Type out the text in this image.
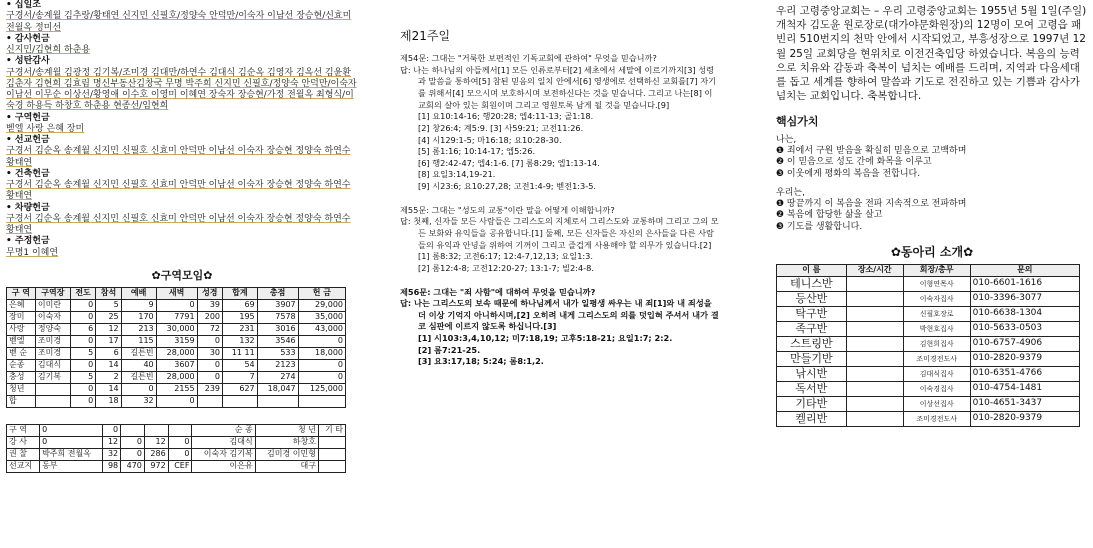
• 십일조
구경서/송계월 김추랑/황태연 신지민 신필호/정양숙 안덕만/이숙자 이남선 장승현/신효미 전월옥 정미선
• 감사헌금
신지민/김현희 하춘용
• 성탄감사
구경서/송계월 김광정 김기복/조미경 김대만/하연수 김대식 김순옥 김영자 김옥선 김윤환 김춘자 김현희 김효림 명신부동산김창국 무명 박주희 신지민 신필호/정양숙 안덕만/이숙자 이남선 이무순 이상선/황영애 이수호 이영미 이혜연 장숙자 장승현/가정 전월옥 최형식/이숙경 하용득 하창호 하춘용 현종선/임현희
• 구역헌금
벧엘 사랑 은혜 장미
• 선교헌금
구경서 김순옥 송계월 신지민 신필호 신효미 안덕만 이남선 이숙자 장승현 정양숙 하연수 황태연
• 건축헌금
구경서 김순옥 송계월 신지민 신필호 신효미 안덕만 이남선 이숙자 장승현 정양숙 하연수 황태연
• 차량헌금
구경서 김순옥 송계월 신지민 신필호 신효미 안덕만 이남선 이숙자 장승현 정양숙 하연수 황태연
• 주정헌금
무명1 이혜연
✿구역모임✿
구 역	구역장	전도	참석	예배	새벽	성경	합계	총점	헌 금
은혜	이미란	0	5	9	0	39	69	3907	29,000
장미	이숙자	0	25	170	7791	200	195	7578	35,000
사랑	정양숙	6	12	213	30,000	72	231	3016	43,000
벧엘	조미경	0	17	115	3159	0	132	3546	0
벧 순	조미경	5	6	길튼빈	28,000	30	11 11	533	18,000
순종	김대식	0	14	40	3607	0	54	2123	0
충성	김기복	5	2	길튼빈	28,000	0	7	274	0
청년		0	14	0	2155	239	627	18,047	125,000
합		0	18	32	0				
구 역	0	0				순 종	청 년	기 타
강 사	0	12	0	12	0	김대식	하창호	
권 찰	박주희 전월옥	32	0	286	0	이숙자 김기복	김미경 이민형	
선교지	동부	98	470	972	CEF	이은유	대구	
제21주일
제54문: 그대는 "거룩한 보편적인 기독교회에 관하여" 무엇을 믿습니까?
답: 나는 하나님의 아들께서[1] 모든 인류로부터[2] 세초에서 세말에 이르기까지[3] 성령과 말씀을 통하여[5] 참된 믿음의 일치 안에서[6] 영생에로 선택하신 교회를[7] 자기를 위해서[4] 모으시며 보호하시며 보전하신다는 것을 믿습니다. 그리고 나는[8] 이 교회의 살아 있는 회원이며 그리고 영원토록 남게 될 것을 믿습니다.[9]
[1] 요10:14-16; 행20:28; 엡4:11-13; 골1:18.
[2] 창26:4; 계5:9. [3] 사59:21; 고전11:26.
[4] 시129:1-5; 마16:18; 요10:28-30.
[5] 롬1:16; 10:14-17; 엡5:26.
[6] 행2:42-47; 엡4:1-6. [7] 롬8:29; 엡1:13-14.
[8] 요일3:14,19-21.
[9] 시23:6; 요10:27,28; 고전1:4-9; 벧전1:3-5.
제55문: 그대는 "성도의 교통"이란 말을 어떻게 이해합니까?
답: 첫째, 신자들 모든 사람들은 그리스도의 지체로서 그리스도와 교통하며 그리고 그의 모든 보화와 유익들을 공유합니다.[1] 둘째, 모든 신자들은 자신의 은사들을 다른 사람들의 유익과 안녕을 위하여 기꺼이 그리고 즐겁게 사용해야 할 의무가 있습니다.[2]
[1] 롬8:32; 고전6:17; 12:4-7,12,13; 요일1:3.
[2] 롬12:4-8; 고전12:20-27; 13:1-7; 빌2:4-8.
제56문: 그대는 "죄 사함"에 대하여 무엇을 믿습니까?
답: 나는 그리스도의 보속 때문에 하나님께서 내가 일평생 싸우는 내 죄[1]와 내 죄성을 더 이상 기억지 아니하시며,[2] 오히려 내게 그리스도의 의를 덧입혀 주셔서 내가 결코 심판에 이르지 않도록 하십니다.[3]
[1] 시103:3,4,10,12; 미7:18,19; 고후5:18-21; 요일1:7; 2:2.
[2] 롬7:21-25.
[3] 요3:17,18; 5:24; 롬8:1,2.
우리 고령중앙교회는 – 우리 고령중앙교회는 1955년 5월 1일(주일) 개척자 김도윤 원로장로(대가야문화원장)의 12명이 모여 고령읍 패빈리 510번지의 천막 안에서 시작되었고, 부흥성장으로 1997년 12월 25일 교회당을 현위치로 이전건축입당 하였습니다. 복음의 능력으로 치유와 감동과 축복이 넘치는 예배를 드리며, 지역과 다음세대를 돕고 세계를 향하여 말씀과 기도로 전진하고 있는 기쁨과 감사가 넘치는 교회입니다. 축복합니다.
핵심가치

나는,

❶ 죄에서 구원 받음을 확실히 믿음으로 고백하며

❷ 이 믿음으로 성도 간에 화목을 이루고

❸ 이웃에게 평화의 복음을 전합니다.

우리는,

❶ 땅끝까지 이 복음을 전파 지속적으로 전파하며

❷ 복음에 합당한 삶을 살고

❸ 기도를 생활합니다.

✿동아리 소개✿
이 름	장소/시간	회장/총무	문의
테니스반		이형연목사	010-6601-1616
등산반		이숙자집사	010-3396-3077
탁구반		신필호장로	010-6638-1304
족구반		박현호집사	010-5633-0503
스트링반		김현희집사	010-6757-4906
만들기반		조미경전도사	010-2820-9379
낚시반		김대식집사	010-6351-4766
독서반		이숙경집사	010-4754-1481
기타반		이상선집사	010-4651-3437
켈리반		조미경전도사	010-2820-9379
